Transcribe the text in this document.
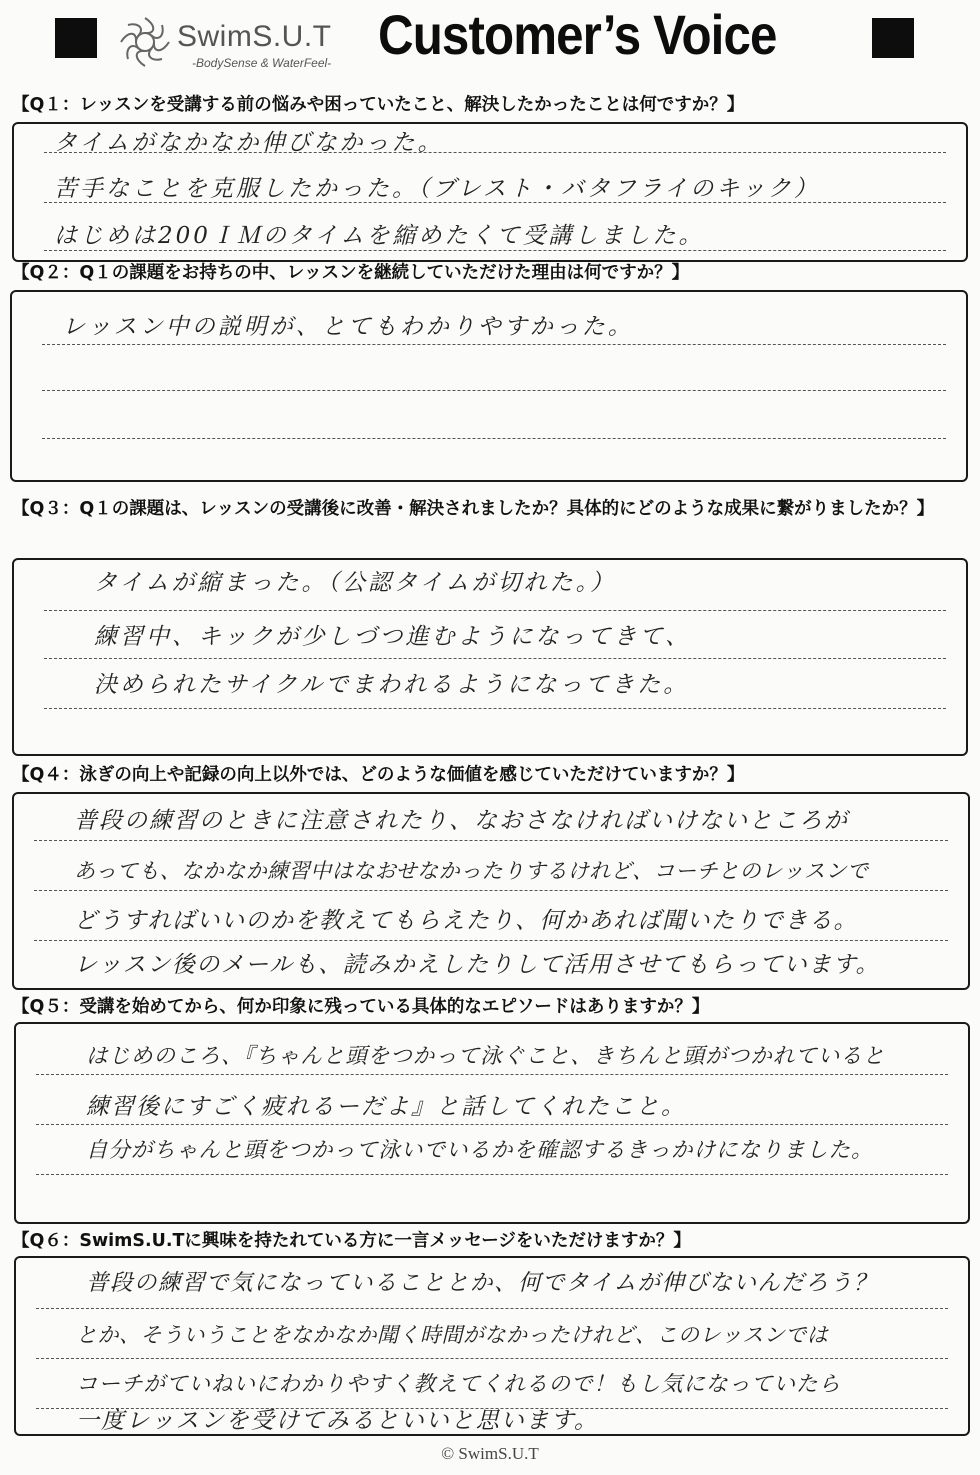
SwimS.U.T
-BodySense & WaterFeel- Customer’s Voice
【Q１：レッスンを受講する前の悩みや困っていたこと、解決したかったことは何ですか？】
タイムがなかなか伸びなかった。
苦手なことを克服したかった。（ブレスト・バタフライのキック）
はじめは200ＩＭのタイムを縮めたくて受講しました。
【Q２：Q１の課題をお持ちの中、レッスンを継続していただけた理由は何ですか？】
レッスン中の説明が、とてもわかりやすかった。
【Q３：Q１の課題は、レッスンの受講後に改善・解決されましたか？具体的にどのような成果に繋がりましたか？】
タイムが縮まった。（公認タイムが切れた。）
練習中、キックが少しづつ進むようになってきて、
決められたサイクルでまわれるようになってきた。
【Q４：泳ぎの向上や記録の向上以外では、どのような価値を感じていただけていますか？】
普段の練習のときに注意されたり、なおさなければいけないところが
あっても、なかなか練習中はなおせなかったりするけれど、コーチとのレッスンで
どうすればいいのかを教えてもらえたり、何かあれば聞いたりできる。
レッスン後のメールも、読みかえしたりして活用させてもらっています。
【Q５：受講を始めてから、何か印象に残っている具体的なエピソードはありますか？】
はじめのころ、『ちゃんと頭をつかって泳ぐこと、きちんと頭がつかれていると
練習後にすごく疲れるーだよ』と話してくれたこと。
自分がちゃんと頭をつかって泳いでいるかを確認するきっかけになりました。
【Q６：SwimS.U.Tに興味を持たれている方に一言メッセージをいただけますか？】
普段の練習で気になっていることとか、何でタイムが伸びないんだろう？
とか、そういうことをなかなか聞く時間がなかったけれど、このレッスンでは
コーチがていねいにわかりやすく教えてくれるので！もし気になっていたら
一度レッスンを受けてみるといいと思います。
© SwimS.U.T
